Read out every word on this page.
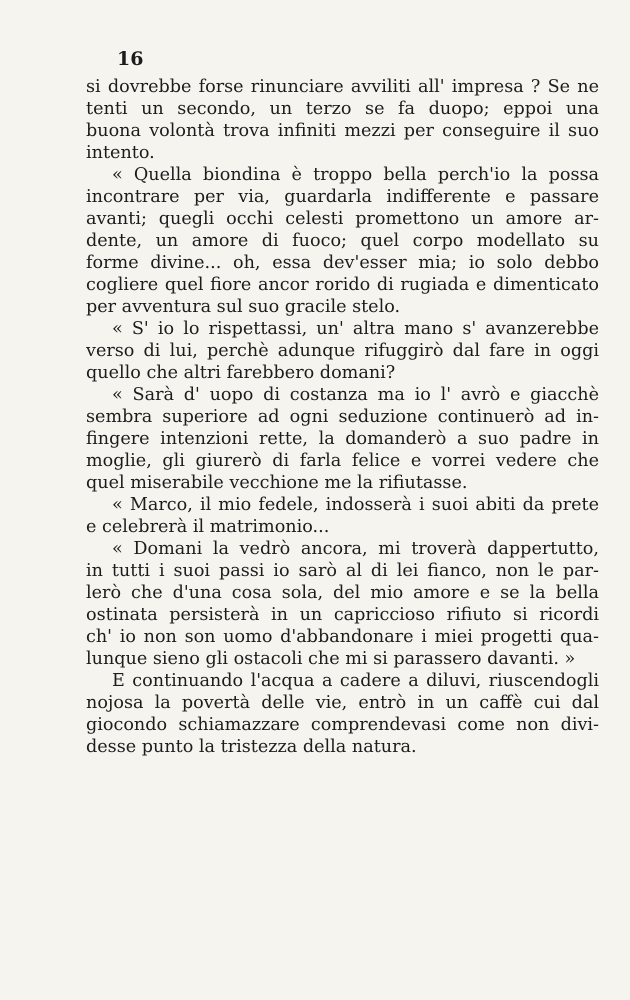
16
si dovrebbe forse rinunciare avviliti all' impresa ? Se ne
tenti un secondo, un terzo se fa duopo; eppoi una
buona volontà trova infiniti mezzi per conseguire il suo
intento.
« Quella biondina è troppo bella perch'io la possa
incontrare per via, guardarla indifferente e passare
avanti; quegli occhi celesti promettono un amore ar-
dente, un amore di fuoco; quel corpo modellato su
forme divine... oh, essa dev'esser mia; io solo debbo
cogliere quel fiore ancor rorido di rugiada e dimenticato
per avventura sul suo gracile stelo.
« S' io lo rispettassi, un' altra mano s' avanzerebbe
verso di lui, perchè adunque rifuggirò dal fare in oggi
quello che altri farebbero domani?
« Sarà d' uopo di costanza ma io l' avrò e giacchè
sembra superiore ad ogni seduzione continuerò ad in-
fingere intenzioni rette, la domanderò a suo padre in
moglie, gli giurerò di farla felice e vorrei vedere che
quel miserabile vecchione me la rifiutasse.
« Marco, il mio fedele, indosserà i suoi abiti da prete
e celebrerà il matrimonio...
« Domani la vedrò ancora, mi troverà dappertutto,
in tutti i suoi passi io sarò al di lei fianco, non le par-
lerò che d'una cosa sola, del mio amore e se la bella
ostinata persisterà in un capriccioso rifiuto si ricordi
ch' io non son uomo d'abbandonare i miei progetti qua-
lunque sieno gli ostacoli che mi si parassero davanti. »
E continuando l'acqua a cadere a diluvi, riuscendogli
nojosa la povertà delle vie, entrò in un caffè cui dal
giocondo schiamazzare comprendevasi come non divi-
desse punto la tristezza della natura.
